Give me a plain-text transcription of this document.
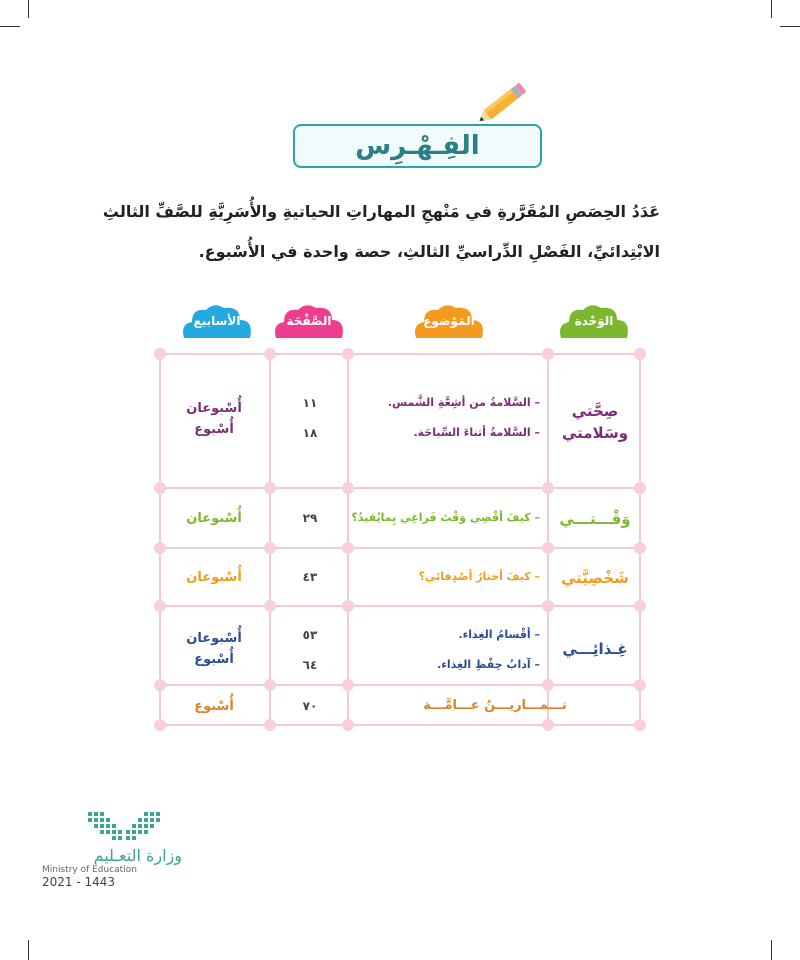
الفِـهْـرِس

عَدَدُ الحِصَصِ المُقَرَّرةِ في مَنْهجِ المهاراتِ الحياتيةِ والأُسَرِيَّةِ للصَّفِّ الثالثِ

الابْتِدائيِّ، الفَصْلِ الدِّراسيِّ الثالثِ، حصة واحدة في الأُسْبوع.

الوَحْدة
المَوْضوع
الصَّفْحَة
الأسابيع
صِحَّتي
وسَلامتي
– السَّلامةُ من أشِعَّةِ الشَّمس.
– السَّلامةُ أثناءَ السِّباحَة.
١١
١٨
أُسْبوعان
أُسْبوع
وَقْـــتـــي
– كيفَ أقْضِي وَقْتَ فَراغِي بِمايُفيدُ؟
٢٩
أُسْبوعان
شَخْصِيَّتي
– كيفَ أختارُ أصْدِقائي؟
٤٣
أُسْبوعان
غِـذائِـــي
– أقْسامُ الغِذاء.
– آدابُ حِفْظِ الغِذاء.
٥٣
٦٤
أُسْبوعان
أُسْبوع
تـــمـــاريـــنُ عـــامَّـــة
٧٠
أُسْبوع
وزارة التعـليم
Ministry of Education
2021 - 1443
